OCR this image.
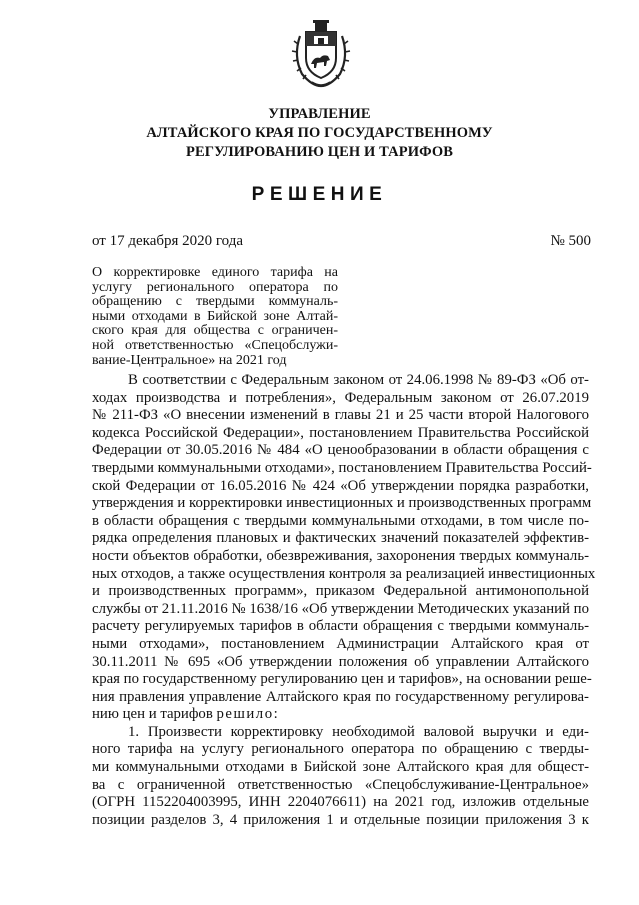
УПРАВЛЕНИЕ
АЛТАЙСКОГО КРАЯ ПО ГОСУДАРСТВЕННОМУ
РЕГУЛИРОВАНИЮ ЦЕН И ТАРИФОВ
РЕШЕНИЕ
от 17 декабря 2020 года	№ 500
О корректировке единого тарифа на
услугу регионального оператора по
обращению с твердыми коммуналь-
ными отходами в Бийской зоне Алтай-
ского края для общества с ограничен-
ной ответственностью «Спецобслужи-
вание-Центральное» на 2021 год
В соответствии с Федеральным законом от 24.06.1998 № 89-ФЗ «Об от-
ходах производства и потребления», Федеральным законом от 26.07.2019
№ 211-ФЗ «О внесении изменений в главы 21 и 25 части второй Налогового
кодекса Российской Федерации», постановлением Правительства Российской
Федерации от 30.05.2016 № 484 «О ценообразовании в области обращения с
твердыми коммунальными отходами», постановлением Правительства Россий-
ской Федерации от 16.05.2016 № 424 «Об утверждении порядка разработки,
утверждения и корректировки инвестиционных и производственных программ
в области обращения с твердыми коммунальными отходами, в том числе по-
рядка определения плановых и фактических значений показателей эффектив-
ности объектов обработки, обезвреживания, захоронения твердых коммуналь-
ных отходов, а также осуществления контроля за реализацией инвестиционных
и производственных программ», приказом Федеральной антимонопольной
службы от 21.11.2016 № 1638/16 «Об утверждении Методических указаний по
расчету регулируемых тарифов в области обращения с твердыми коммуналь-
ными отходами», постановлением Администрации Алтайского края от
30.11.2011 № 695 «Об утверждении положения об управлении Алтайского
края по государственному регулированию цен и тарифов», на основании реше-
ния правления управление Алтайского края по государственному регулирова-
нию цен и тарифов решило:
1. Произвести корректировку необходимой валовой выручки и еди-
ного тарифа на услугу регионального оператора по обращению с тверды-
ми коммунальными отходами в Бийской зоне Алтайского края для общест-
ва с ограниченной ответственностью «Спецобслуживание-Центральное»
(ОГРН 1152204003995, ИНН 2204076611) на 2021 год, изложив отдельные
позиции разделов 3, 4 приложения 1 и отдельные позиции приложения 3 к
